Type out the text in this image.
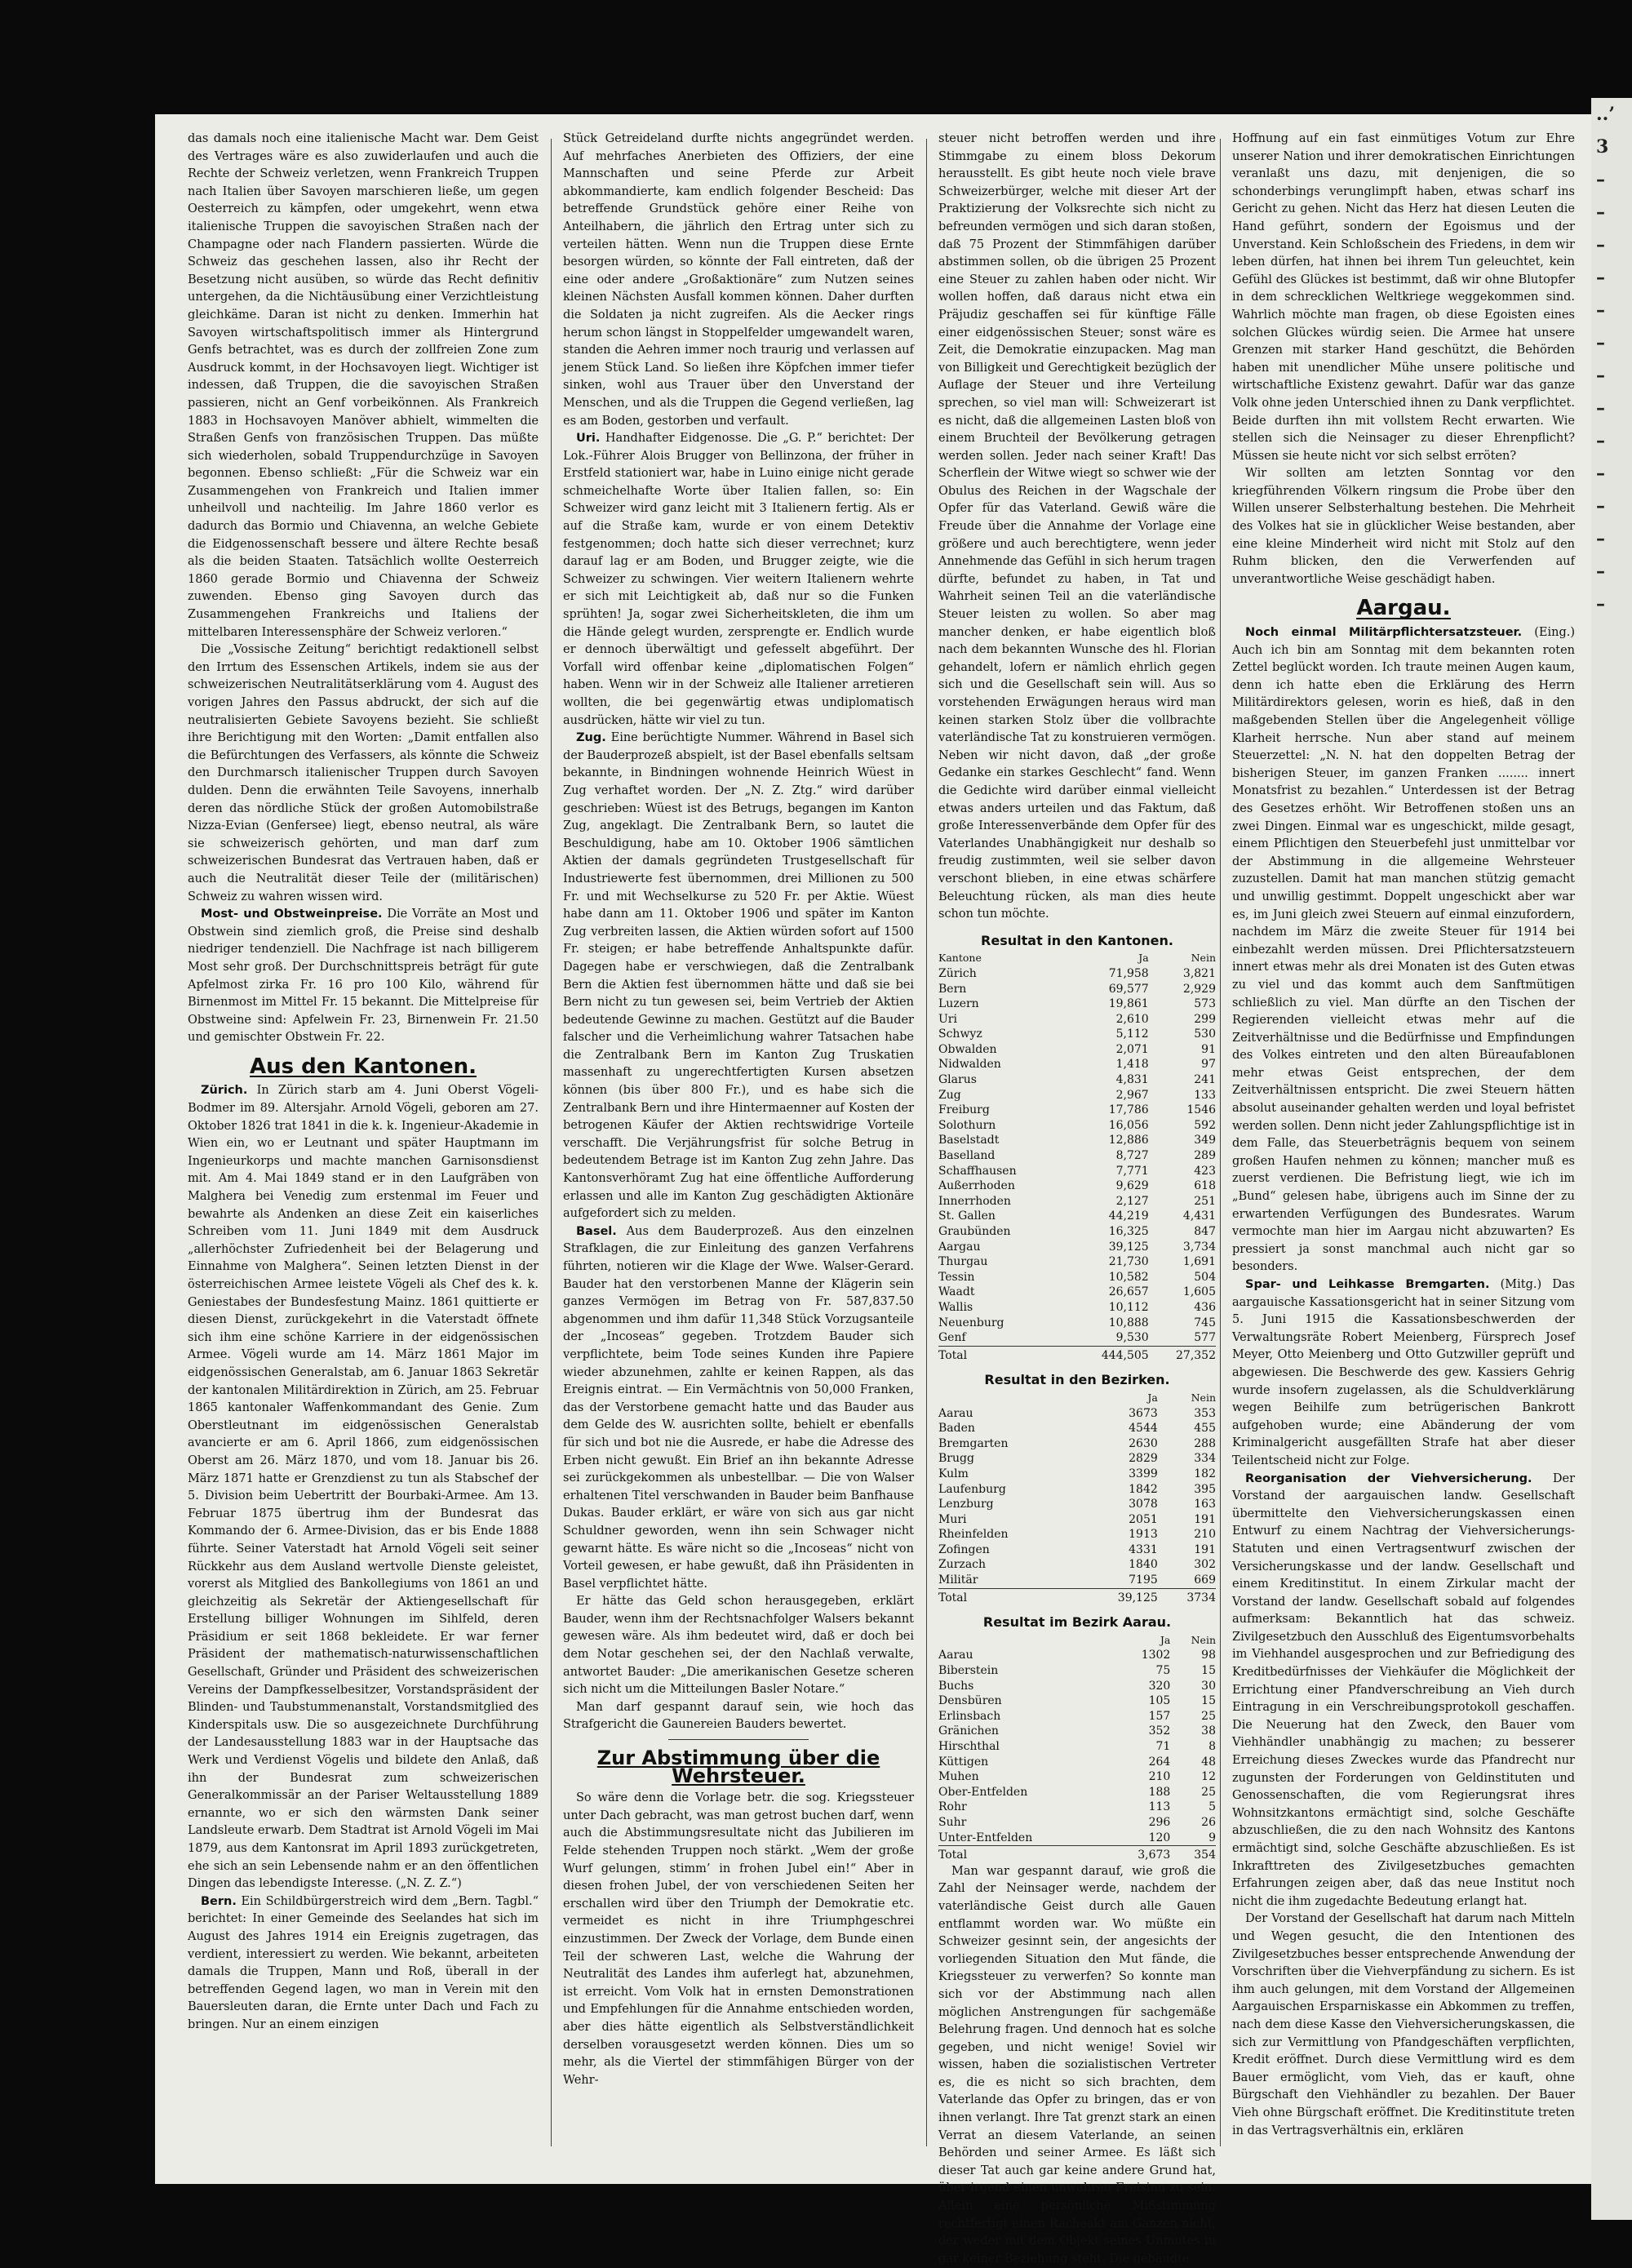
das damals noch eine italienische Macht war. Dem Geist des Vertrages wäre es also zuwiderlaufen und auch die Rechte der Schweiz verletzen, wenn Frankreich Truppen nach Italien über Savoyen marschieren ließe, um gegen Oesterreich zu kämpfen, oder umgekehrt, wenn etwa italienische Truppen die savoyischen Straßen nach der Champagne oder nach Flandern passierten. Würde die Schweiz das geschehen lassen, also ihr Recht der Besetzung nicht ausüben, so würde das Recht definitiv untergehen, da die Nichtäusübung einer Verzichtleistung gleichkäme. Daran ist nicht zu denken. Immerhin hat Savoyen wirtschaftspolitisch immer als Hintergrund Genfs betrachtet, was es durch der zollfreien Zone zum Ausdruck kommt, in der Hochsavoyen liegt. Wichtiger ist indessen, daß Truppen, die die savoyischen Straßen passieren, nicht an Genf vorbeikönnen. Als Frankreich 1883 in Hochsavoyen Manöver abhielt, wimmelten die Straßen Genfs von französischen Truppen. Das müßte sich wiederholen, sobald Truppendurchzüge in Savoyen begonnen. Ebenso schließt: „Für die Schweiz war ein Zusammengehen von Frankreich und Italien immer unheilvoll und nachteilig. Im Jahre 1860 verlor es dadurch das Bormio und Chiavenna, an welche Gebiete die Eidgenossenschaft bessere und ältere Rechte besaß als die beiden Staaten. Tatsächlich wollte Oesterreich 1860 gerade Bormio und Chiavenna der Schweiz zuwenden. Ebenso ging Savoyen durch das Zusammengehen Frankreichs und Italiens der mittelbaren Interessensphäre der Schweiz verloren.“

Die „Vossische Zeitung“ berichtigt redaktionell selbst den Irrtum des Essenschen Artikels, indem sie aus der schweizerischen Neutralitätserklärung vom 4. August des vorigen Jahres den Passus abdruckt, der sich auf die neutralisierten Gebiete Savoyens bezieht. Sie schließt ihre Berichtigung mit den Worten: „Damit entfallen also die Befürchtungen des Verfassers, als könnte die Schweiz den Durchmarsch italienischer Truppen durch Savoyen dulden. Denn die erwähnten Teile Savoyens, innerhalb deren das nördliche Stück der großen Automobilstraße Nizza-Evian (Genfersee) liegt, ebenso neutral, als wäre sie schweizerisch gehörten, und man darf zum schweizerischen Bundesrat das Vertrauen haben, daß er auch die Neutralität dieser Teile der (militärischen) Schweiz zu wahren wissen wird.

Most- und Obstweinpreise. Die Vorräte an Most und Obstwein sind ziemlich groß, die Preise sind deshalb niedriger tendenziell. Die Nachfrage ist nach billigerem Most sehr groß. Der Durchschnittspreis beträgt für gute Apfelmost zirka Fr. 16 pro 100 Kilo, während für Birnenmost im Mittel Fr. 15 bekannt. Die Mittelpreise für Obstweine sind: Apfelwein Fr. 23, Birnenwein Fr. 21.50 und gemischter Obstwein Fr. 22.

Aus den Kantonen.

Zürich. In Zürich starb am 4. Juni Oberst Vögeli-Bodmer im 89. Altersjahr. Arnold Vögeli, geboren am 27. Oktober 1826 trat 1841 in die k. k. Ingenieur-Akademie in Wien ein, wo er Leutnant und später Hauptmann im Ingenieurkorps und machte manchen Garnisonsdienst mit. Am 4. Mai 1849 stand er in den Laufgräben von Malghera bei Venedig zum erstenmal im Feuer und bewahrte als Andenken an diese Zeit ein kaiserliches Schreiben vom 11. Juni 1849 mit dem Ausdruck „allerhöchster Zufriedenheit bei der Belagerung und Einnahme von Malghera“. Seinen letzten Dienst in der österreichischen Armee leistete Vögeli als Chef des k. k. Geniestabes der Bundesfestung Mainz. 1861 quittierte er diesen Dienst, zurückgekehrt in die Vaterstadt öffnete sich ihm eine schöne Karriere in der eidgenössischen Armee. Vögeli wurde am 14. März 1861 Major im eidgenössischen Generalstab, am 6. Januar 1863 Sekretär der kantonalen Militärdirektion in Zürich, am 25. Februar 1865 kantonaler Waffenkommandant des Genie. Zum Oberstleutnant im eidgenössischen Generalstab avancierte er am 6. April 1866, zum eidgenössischen Oberst am 26. März 1870, und vom 18. Januar bis 26. März 1871 hatte er Grenzdienst zu tun als Stabschef der 5. Division beim Uebertritt der Bourbaki-Armee. Am 13. Februar 1875 übertrug ihm der Bundesrat das Kommando der 6. Armee-Division, das er bis Ende 1888 führte. Seiner Vaterstadt hat Arnold Vögeli seit seiner Rückkehr aus dem Ausland wertvolle Dienste geleistet, vorerst als Mitglied des Bankollegiums von 1861 an und gleichzeitig als Sekretär der Aktiengesellschaft für Erstellung billiger Wohnungen im Sihlfeld, deren Präsidium er seit 1868 bekleidete. Er war ferner Präsident der mathematisch-naturwissenschaftlichen Gesellschaft, Gründer und Präsident des schweizerischen Vereins der Dampfkesselbesitzer, Vorstandspräsident der Blinden- und Taubstummenanstalt, Vorstandsmitglied des Kinderspitals usw. Die so ausgezeichnete Durchführung der Landesausstellung 1883 war in der Hauptsache das Werk und Verdienst Vögelis und bildete den Anlaß, daß ihn der Bundesrat zum schweizerischen Generalkommissär an der Pariser Weltausstellung 1889 ernannte, wo er sich den wärmsten Dank seiner Landsleute erwarb. Dem Stadtrat ist Arnold Vögeli im Mai 1879, aus dem Kantonsrat im April 1893 zurückgetreten, ehe sich an sein Lebensende nahm er an den öffentlichen Dingen das lebendigste Interesse. („N. Z. Z.“)

Bern. Ein Schildbürgerstreich wird dem „Bern. Tagbl.“ berichtet: In einer Gemeinde des Seelandes hat sich im August des Jahres 1914 ein Ereignis zugetragen, das verdient, interessiert zu werden. Wie bekannt, arbeiteten damals die Truppen, Mann und Roß, überall in der betreffenden Gegend lagen, wo man in Verein mit den Bauersleuten daran, die Ernte unter Dach und Fach zu bringen. Nur an einem einzigen

Stück Getreideland durfte nichts angegründet werden. Auf mehrfaches Anerbieten des Offiziers, der eine Mannschaften und seine Pferde zur Arbeit abkommandierte, kam endlich folgender Bescheid: Das betreffende Grundstück gehöre einer Reihe von Anteilhabern, die jährlich den Ertrag unter sich zu verteilen hätten. Wenn nun die Truppen diese Ernte besorgen würden, so könnte der Fall eintreten, daß der eine oder andere „Großaktionäre“ zum Nutzen seines kleinen Nächsten Ausfall kommen können. Daher durften die Soldaten ja nicht zugreifen. Als die Aecker rings herum schon längst in Stoppelfelder umgewandelt waren, standen die Aehren immer noch traurig und verlassen auf jenem Stück Land. So ließen ihre Köpfchen immer tiefer sinken, wohl aus Trauer über den Unverstand der Menschen, und als die Truppen die Gegend verließen, lag es am Boden, gestorben und verfault.

Uri. Handhafter Eidgenosse. Die „G. P.“ berichtet: Der Lok.-Führer Alois Brugger von Bellinzona, der früher in Erstfeld stationiert war, habe in Luino einige nicht gerade schmeichelhafte Worte über Italien fallen, so: Ein Schweizer wird ganz leicht mit 3 Italienern fertig. Als er auf die Straße kam, wurde er von einem Detektiv festgenommen; doch hatte sich dieser verrechnet; kurz darauf lag er am Boden, und Brugger zeigte, wie die Schweizer zu schwingen. Vier weitern Italienern wehrte er sich mit Leichtigkeit ab, daß nur so die Funken sprühten! Ja, sogar zwei Sicherheitskleten, die ihm um die Hände gelegt wurden, zersprengte er. Endlich wurde er dennoch überwältigt und gefesselt abgeführt. Der Vorfall wird offenbar keine „diplomatischen Folgen“ haben. Wenn wir in der Schweiz alle Italiener arretieren wollten, die bei gegenwärtig etwas undiplomatisch ausdrücken, hätte wir viel zu tun.

Zug. Eine berüchtigte Nummer. Während in Basel sich der Bauderprozeß abspielt, ist der Basel ebenfalls seltsam bekannte, in Bindningen wohnende Heinrich Wüest in Zug verhaftet worden. Der „N. Z. Ztg.“ wird darüber geschrieben: Wüest ist des Betrugs, begangen im Kanton Zug, angeklagt. Die Zentralbank Bern, so lautet die Beschuldigung, habe am 10. Oktober 1906 sämtlichen Aktien der damals gegründeten Trustgesellschaft für Industriewerte fest übernommen, drei Millionen zu 500 Fr. und mit Wechselkurse zu 520 Fr. per Aktie. Wüest habe dann am 11. Oktober 1906 und später im Kanton Zug verbreiten lassen, die Aktien würden sofort auf 1500 Fr. steigen; er habe betreffende Anhaltspunkte dafür. Dagegen habe er verschwiegen, daß die Zentralbank Bern die Aktien fest übernommen hätte und daß sie bei Bern nicht zu tun gewesen sei, beim Vertrieb der Aktien bedeutende Gewinne zu machen. Gestützt auf die Bauder falscher und die Verheimlichung wahrer Tatsachen habe die Zentralbank Bern im Kanton Zug Truskatien massenhaft zu ungerechtfertigten Kursen absetzen können (bis über 800 Fr.), und es habe sich die Zentralbank Bern und ihre Hintermaenner auf Kosten der betrogenen Käufer der Aktien rechtswidrige Vorteile verschafft. Die Verjährungsfrist für solche Betrug in bedeutendem Betrage ist im Kanton Zug zehn Jahre. Das Kantonsverhöramt Zug hat eine öffentliche Aufforderung erlassen und alle im Kanton Zug geschädigten Aktionäre aufgefordert sich zu melden.

Basel. Aus dem Bauderprozeß. Aus den einzelnen Strafklagen, die zur Einleitung des ganzen Verfahrens führten, notieren wir die Klage der Wwe. Walser-Gerard. Bauder hat den verstorbenen Manne der Klägerin sein ganzes Vermögen im Betrag von Fr. 587,837.50 abgenommen und ihm dafür 11,348 Stück Vorzugsanteile der „Incoseas“ gegeben. Trotzdem Bauder sich verpflichtete, beim Tode seines Kunden ihre Papiere wieder abzunehmen, zahlte er keinen Rappen, als das Ereignis eintrat. — Ein Vermächtnis von 50,000 Franken, das der Verstorbene gemacht hatte und das Bauder aus dem Gelde des W. ausrichten sollte, behielt er ebenfalls für sich und bot nie die Ausrede, er habe die Adresse des Erben nicht gewußt. Ein Brief an ihn bekannte Adresse sei zurückgekommen als unbestellbar. — Die von Walser erhaltenen Titel verschwanden in Bauder beim Banfhause Dukas. Bauder erklärt, er wäre von sich aus gar nicht Schuldner geworden, wenn ihn sein Schwager nicht gewarnt hätte. Es wäre nicht so die „Incoseas“ nicht von Vorteil gewesen, er habe gewußt, daß ihn Präsidenten in Basel verpflichtet hätte.

Er hätte das Geld schon herausgegeben, erklärt Bauder, wenn ihm der Rechtsnachfolger Walsers bekannt gewesen wäre. Als ihm bedeutet wird, daß er doch bei dem Notar geschehen sei, der den Nachlaß verwalte, antwortet Bauder: „Die amerikanischen Gesetze scheren sich nicht um die Mitteilungen Basler Notare.“

Man darf gespannt darauf sein, wie hoch das Strafgericht die Gaunereien Bauders bewertet.

Zur Abstimmung über die Wehrsteuer.

So wäre denn die Vorlage betr. die sog. Kriegssteuer unter Dach gebracht, was man getrost buchen darf, wenn auch die Abstimmungsresultate nicht das Jubilieren im Felde stehenden Truppen noch stärkt. „Wem der große Wurf gelungen, stimm’ in frohen Jubel ein!“ Aber in diesen frohen Jubel, der von verschiedenen Seiten her erschallen wird über den Triumph der Demokratie etc. vermeidet es nicht in ihre Triumphgeschrei einzustimmen. Der Zweck der Vorlage, dem Bunde einen Teil der schweren Last, welche die Wahrung der Neutralität des Landes ihm auferlegt hat, abzunehmen, ist erreicht. Vom Volk hat in ernsten Demonstrationen und Empfehlungen für die Annahme entschieden worden, aber dies hätte eigentlich als Selbstverständlichkeit derselben vorausgesetzt werden können. Dies um so mehr, als die Viertel der stimmfähigen Bürger von der Wehr-

steuer nicht betroffen werden und ihre Stimmgabe zu einem bloss Dekorum herausstellt. Es gibt heute noch viele brave Schweizerbürger, welche mit dieser Art der Praktizierung der Volksrechte sich nicht zu befreunden vermögen und sich daran stoßen, daß 75 Prozent der Stimmfähigen darüber abstimmen sollen, ob die übrigen 25 Prozent eine Steuer zu zahlen haben oder nicht. Wir wollen hoffen, daß daraus nicht etwa ein Präjudiz geschaffen sei für künftige Fälle einer eidgenössischen Steuer; sonst wäre es Zeit, die Demokratie einzupacken. Mag man von Billigkeit und Gerechtigkeit bezüglich der Auflage der Steuer und ihre Verteilung sprechen, so viel man will: Schweizerart ist es nicht, daß die allgemeinen Lasten bloß von einem Bruchteil der Bevölkerung getragen werden sollen. Jeder nach seiner Kraft! Das Scherflein der Witwe wiegt so schwer wie der Obulus des Reichen in der Wagschale der Opfer für das Vaterland. Gewiß wäre die Freude über die Annahme der Vorlage eine größere und auch berechtigtere, wenn jeder Annehmende das Gefühl in sich herum tragen dürfte, befundet zu haben, in Tat und Wahrheit seinen Teil an die vaterländische Steuer leisten zu wollen. So aber mag mancher denken, er habe eigentlich bloß nach dem bekannten Wunsche des hl. Florian gehandelt, lofern er nämlich ehrlich gegen sich und die Gesellschaft sein will. Aus so vorstehenden Erwägungen heraus wird man keinen starken Stolz über die vollbrachte vaterländische Tat zu konstruieren vermögen. Neben wir nicht davon, daß „der große Gedanke ein starkes Geschlecht“ fand. Wenn die Gedichte wird darüber einmal vielleicht etwas anders urteilen und das Faktum, daß große Interessenverbände dem Opfer für des Vaterlandes Unabhängigkeit nur deshalb so freudig zustimmten, weil sie selber davon verschont blieben, in eine etwas schärfere Beleuchtung rücken, als man dies heute schon tun möchte.

Resultat in den Kantonen.
Kantone	Ja	Nein
Zürich	71,958	3,821
Bern	69,577	2,929
Luzern	19,861	573
Uri	2,610	299
Schwyz	5,112	530
Obwalden	2,071	91
Nidwalden	1,418	97
Glarus	4,831	241
Zug	2,967	133
Freiburg	17,786	1546
Solothurn	16,056	592
Baselstadt	12,886	349
Baselland	8,727	289
Schaffhausen	7,771	423
Außerrhoden	9,629	618
Innerrhoden	2,127	251
St. Gallen	44,219	4,431
Graubünden	16,325	847
Aargau	39,125	3,734
Thurgau	21,730	1,691
Tessin	10,582	504
Waadt	26,657	1,605
Wallis	10,112	436
Neuenburg	10,888	745
Genf	9,530	577
Total	444,505	27,352
Resultat in den Bezirken.
	Ja	Nein
Aarau	3673	353
Baden	4544	455
Bremgarten	2630	288
Brugg	2829	334
Kulm	3399	182
Laufenburg	1842	395
Lenzburg	3078	163
Muri	2051	191
Rheinfelden	1913	210
Zofingen	4331	191
Zurzach	1840	302
Militär	7195	669
Total	39,125	3734
Resultat im Bezirk Aarau.
	Ja	Nein
Aarau	1302	98
Biberstein	75	15
Buchs	320	30
Densbüren	105	15
Erlinsbach	157	25
Gränichen	352	38
Hirschthal	71	8
Küttigen	264	48
Muhen	210	12
Ober-Entfelden	188	25
Rohr	113	5
Suhr	296	26
Unter-Entfelden	120	9
Total	3,673	354

Man war gespannt darauf, wie groß die Zahl der Neinsager werde, nachdem der vaterländische Geist durch alle Gauen entflammt worden war. Wo müßte ein Schweizer gesinnt sein, der angesichts der vorliegenden Situation den Mut fände, die Kriegssteuer zu verwerfen? So konnte man sich vor der Abstimmung nach allen möglichen Anstrengungen für sachgemäße Belehrung fragen. Und dennoch hat es solche gegeben, und nicht wenige! Soviel wir wissen, haben die sozialistischen Vertreter es, die es nicht so sich brachten, dem Vaterlande das Opfer zu bringen, das er von ihnen verlangt. Ihre Tat grenzt stark an einen Verrat an diesem Vaterlande, an seinen Behörden und seiner Armee. Es läßt sich dieser Tat auch gar keine andere Grund hat, über irgend einen unwahren Freisinn zu sein. Allein eine persönliche Mißstimmung rechtfertigt einen Racheakt am Ganzen nicht, der weder mit dem Objekt seines Unmutes in gar keiner Beziehung steht. Die gebäudte

Hoffnung auf ein fast einmütiges Votum zur Ehre unserer Nation und ihrer demokratischen Einrichtungen veranlaßt uns dazu, mit denjenigen, die so schonderbings verunglimpft haben, etwas scharf ins Gericht zu gehen. Nicht das Herz hat diesen Leuten die Hand geführt, sondern der Egoismus und der Unverstand. Kein Schloßschein des Friedens, in dem wir leben dürfen, hat ihnen bei ihrem Tun geleuchtet, kein Gefühl des Glückes ist bestimmt, daß wir ohne Blutopfer in dem schrecklichen Weltkriege weggekommen sind. Wahrlich möchte man fragen, ob diese Egoisten eines solchen Glückes würdig seien. Die Armee hat unsere Grenzen mit starker Hand geschützt, die Behörden haben mit unendlicher Mühe unsere politische und wirtschaftliche Existenz gewahrt. Dafür war das ganze Volk ohne jeden Unterschied ihnen zu Dank verpflichtet. Beide durften ihn mit vollstem Recht erwarten. Wie stellen sich die Neinsager zu dieser Ehrenpflicht? Müssen sie heute nicht vor sich selbst erröten?

Wir sollten am letzten Sonntag vor den kriegführenden Völkern ringsum die Probe über den Willen unserer Selbsterhaltung bestehen. Die Mehrheit des Volkes hat sie in glücklicher Weise bestanden, aber eine kleine Minderheit wird nicht mit Stolz auf den Ruhm blicken, den die Verwerfenden auf unverantwortliche Weise geschädigt haben.

Aargau.

Noch einmal Militärpflichtersatzsteuer. (Eing.) Auch ich bin am Sonntag mit dem bekannten roten Zettel beglückt worden. Ich traute meinen Augen kaum, denn ich hatte eben die Erklärung des Herrn Militärdirektors gelesen, worin es hieß, daß in den maßgebenden Stellen über die Angelegenheit völlige Klarheit herrsche. Nun aber stand auf meinem Steuerzettel: „N. N. hat den doppelten Betrag der bisherigen Steuer, im ganzen Franken ........ innert Monatsfrist zu bezahlen.“ Unterdessen ist der Betrag des Gesetzes erhöht. Wir Betroffenen stoßen uns an zwei Dingen. Einmal war es ungeschickt, milde gesagt, einem Pflichtigen den Steuerbefehl just unmittelbar vor der Abstimmung in die allgemeine Wehrsteuer zuzustellen. Damit hat man manchen stützig gemacht und unwillig gestimmt. Doppelt ungeschickt aber war es, im Juni gleich zwei Steuern auf einmal einzufordern, nachdem im März die zweite Steuer für 1914 bei einbezahlt werden müssen. Drei Pflichtersatzsteuern innert etwas mehr als drei Monaten ist des Guten etwas zu viel und das kommt auch dem Sanftmütigen schließlich zu viel. Man dürfte an den Tischen der Regierenden vielleicht etwas mehr auf die Zeitverhältnisse und die Bedürfnisse und Empfindungen des Volkes eintreten und den alten Büreaufablonen mehr etwas Geist entsprechen, der dem Zeitverhältnissen entspricht. Die zwei Steuern hätten absolut auseinander gehalten werden und loyal befristet werden sollen. Denn nicht jeder Zahlungspflichtige ist in dem Falle, das Steuerbeträgnis bequem von seinem großen Haufen nehmen zu können; mancher muß es zuerst verdienen. Die Befristung liegt, wie ich im „Bund“ gelesen habe, übrigens auch im Sinne der zu erwartenden Verfügungen des Bundesrates. Warum vermochte man hier im Aargau nicht abzuwarten? Es pressiert ja sonst manchmal auch nicht gar so besonders.

Spar- und Leihkasse Bremgarten. (Mitg.) Das aargauische Kassationsgericht hat in seiner Sitzung vom 5. Juni 1915 die Kassationsbeschwerden der Verwaltungsräte Robert Meienberg, Fürsprech Josef Meyer, Otto Meienberg und Otto Gutzwiller geprüft und abgewiesen. Die Beschwerde des gew. Kassiers Gehrig wurde insofern zugelassen, als die Schuldverklärung wegen Beihilfe zum betrügerischen Bankrott aufgehoben wurde; eine Abänderung der vom Kriminalgericht ausgefällten Strafe hat aber dieser Teilentscheid nicht zur Folge.

Reorganisation der Viehversicherung. Der Vorstand der aargauischen landw. Gesellschaft übermittelte den Viehversicherungskassen einen Entwurf zu einem Nachtrag der Viehversicherungs-Statuten und einen Vertragsentwurf zwischen der Versicherungskasse und der landw. Gesellschaft und einem Kreditinstitut. In einem Zirkular macht der Vorstand der landw. Gesellschaft sobald auf folgendes aufmerksam: Bekanntlich hat das schweiz. Zivilgesetzbuch den Ausschluß des Eigentumsvorbehalts im Viehhandel ausgesprochen und zur Befriedigung des Kreditbedürfnisses der Viehkäufer die Möglichkeit der Errichtung einer Pfandverschreibung an Vieh durch Eintragung in ein Verschreibungsprotokoll geschaffen. Die Neuerung hat den Zweck, den Bauer vom Viehhändler unabhängig zu machen; zu besserer Erreichung dieses Zweckes wurde das Pfandrecht nur zugunsten der Forderungen von Geldinstituten und Genossenschaften, die vom Regierungsrat ihres Wohnsitzkantons ermächtigt sind, solche Geschäfte abzuschließen, die zu den nach Wohnsitz des Kantons ermächtigt sind, solche Geschäfte abzuschließen. Es ist Inkrafttreten des Zivilgesetzbuches gemachten Erfahrungen zeigen aber, daß das neue Institut noch nicht die ihm zugedachte Bedeutung erlangt hat.

Der Vorstand der Gesellschaft hat darum nach Mitteln und Wegen gesucht, die den Intentionen des Zivilgesetzbuches besser entsprechende Anwendung der Vorschriften über die Viehverpfändung zu sichern. Es ist ihm auch gelungen, mit dem Vorstand der Allgemeinen Aargauischen Ersparniskasse ein Abkommen zu treffen, nach dem diese Kasse den Viehversicherungskassen, die sich zur Vermittlung von Pfandgeschäften verpflichten, Kredit eröffnet. Durch diese Vermittlung wird es dem Bauer ermöglicht, vom Vieh, das er kauft, ohne Bürgschaft den Viehhändler zu bezahlen. Der Bauer Vieh ohne Bürgschaft eröffnet. Die Kreditinstitute treten in das Vertragsverhältnis ein, erklären

..’
3
–
–
–
–
–
–
–
–
–
–
–
–
–
–
